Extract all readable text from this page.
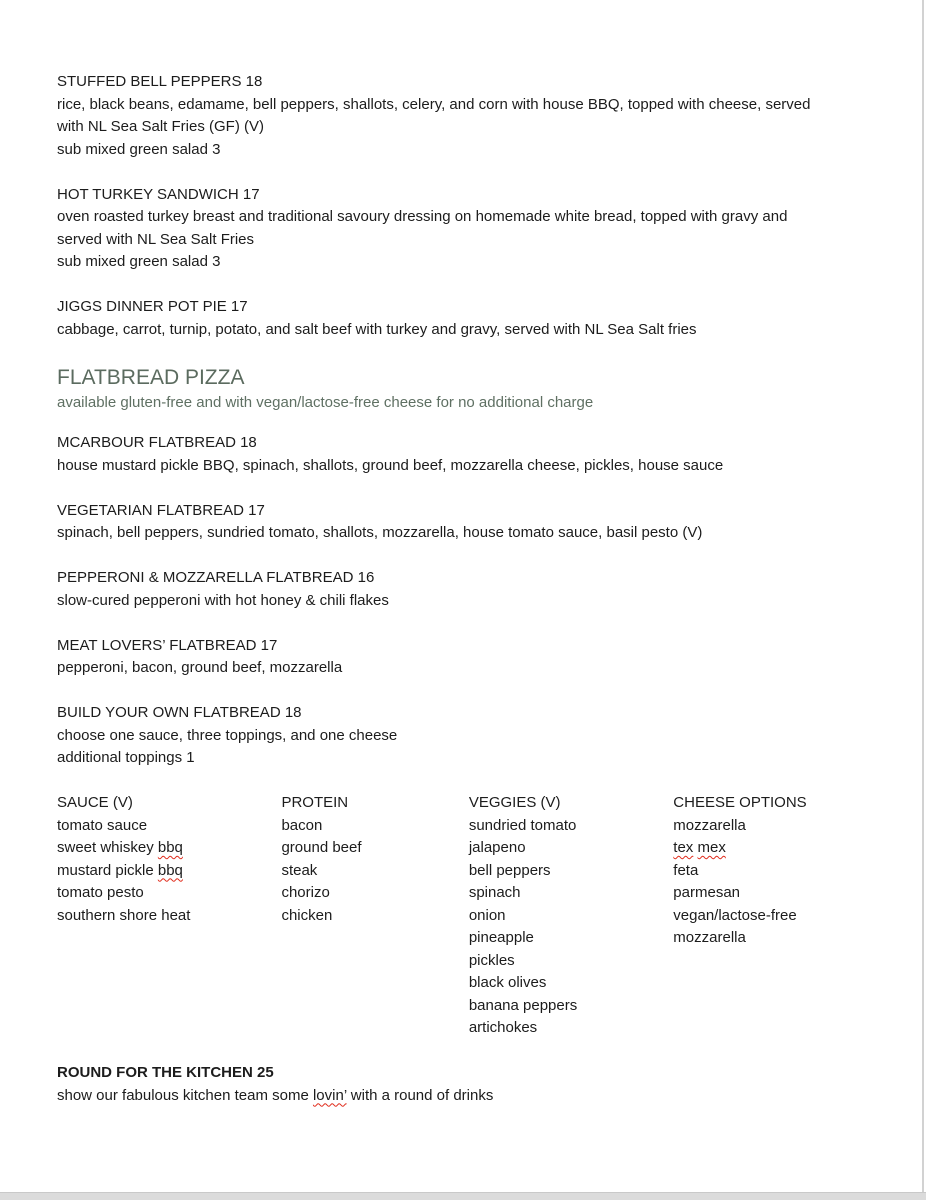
STUFFED BELL PEPPERS 18
rice, black beans, edamame, bell peppers, shallots, celery, and corn with house BBQ, topped with cheese, served with NL Sea Salt Fries (GF) (V)
sub mixed green salad 3
HOT TURKEY SANDWICH 17
oven roasted turkey breast and traditional savoury dressing on homemade white bread, topped with gravy and served with NL Sea Salt Fries
sub mixed green salad 3
JIGGS DINNER POT PIE 17
cabbage, carrot, turnip, potato, and salt beef with turkey and gravy, served with NL Sea Salt fries
FLATBREAD PIZZA
available gluten-free and with vegan/lactose-free cheese for no additional charge
MCARBOUR FLATBREAD 18
house mustard pickle BBQ, spinach, shallots, ground beef, mozzarella cheese, pickles, house sauce
VEGETARIAN FLATBREAD 17
spinach, bell peppers, sundried tomato, shallots, mozzarella, house tomato sauce, basil pesto (V)
PEPPERONI & MOZZARELLA FLATBREAD 16
slow-cured pepperoni with hot honey & chili flakes
MEAT LOVERS’ FLATBREAD 17
pepperoni, bacon, ground beef, mozzarella
BUILD YOUR OWN FLATBREAD 18
choose one sauce, three toppings, and one cheese
additional toppings 1
SAUCE (V)
tomato sauce
sweet whiskey bbq
mustard pickle bbq
tomato pesto
southern shore heat
PROTEIN
bacon
ground beef
steak
chorizo
chicken
VEGGIES (V)
sundried tomato
jalapeno
bell peppers
spinach
onion
pineapple
pickles
black olives
banana peppers
artichokes
CHEESE OPTIONS
mozzarella
tex mex
feta
parmesan
vegan/lactose-free mozzarella
ROUND FOR THE KITCHEN 25
show our fabulous kitchen team some lovin’ with a round of drinks
